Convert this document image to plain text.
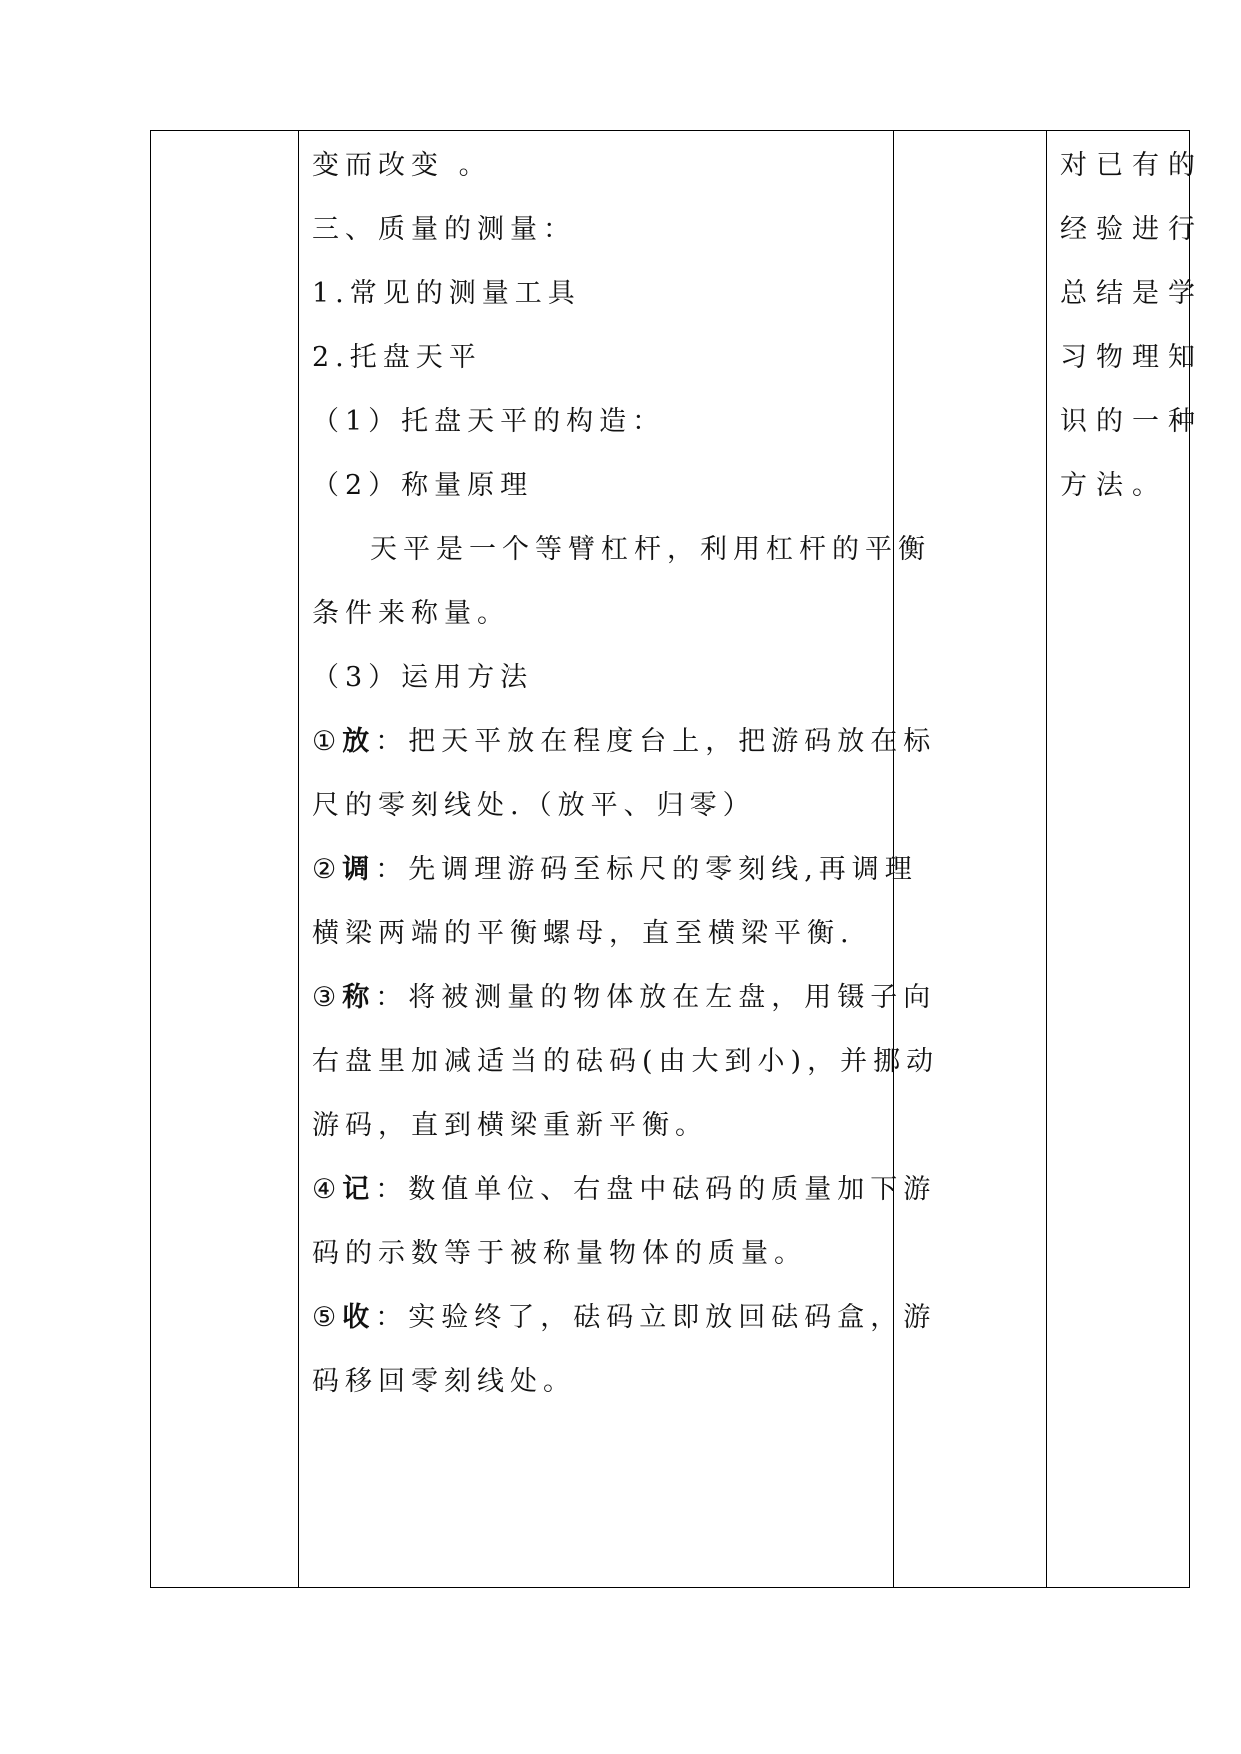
变而改变 。
三、质量的测量：
1.常见的测量工具
2.托盘天平
（1）托盘天平的构造：
（2）称量原理
天平是一个等臂杠杆，利用杠杆的平衡
条件来称量。
（3）运用方法
①放：把天平放在程度台上，把游码放在标
尺的零刻线处.（放平、归零）
②调：先调理游码至标尺的零刻线,再调理
横梁两端的平衡螺母，直至横梁平衡.
③称：将被测量的物体放在左盘，用镊子向
右盘里加减适当的砝码(由大到小)，并挪动
游码，直到横梁重新平衡。
④记：数值单位、右盘中砝码的质量加下游
码的示数等于被称量物体的质量。
⑤收：实验终了，砝码立即放回砝码盒，游
码移回零刻线处。
对已有的
经验进行
总结是学
习物理知
识的一种
方法。
